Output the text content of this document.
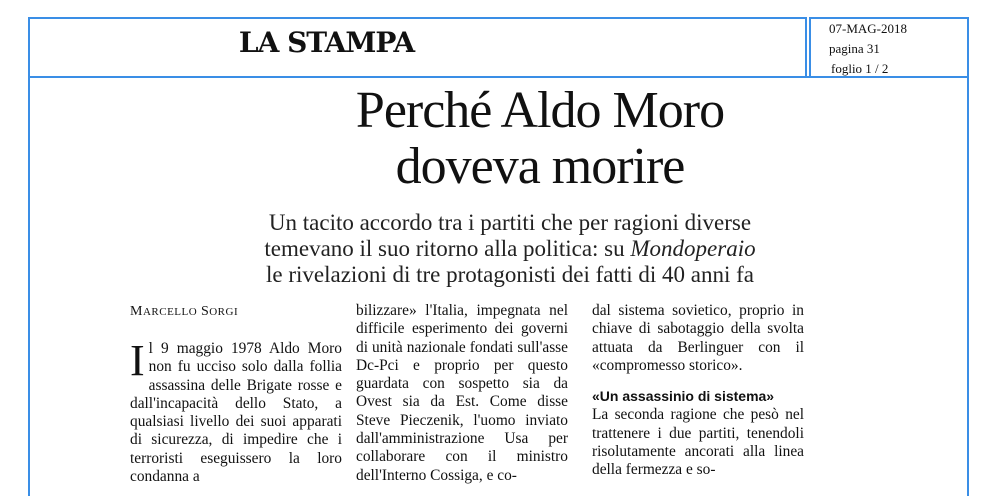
LA STAMPA	07-MAG-2018
pagina 31
foglio 1 / 2
Perché Aldo Moro
doveva morire
Un tacito accordo tra i partiti che per ragioni diverse
temevano il suo ritorno alla politica: su Mondoperaio
le rivelazioni di tre protagonisti dei fatti di 40 anni fa
MARCELLO SORGI

Il 9 maggio 1978 Aldo Moro non fu ucciso solo dalla follia assassina delle Brigate rosse e dall'incapacità dello Stato, a qualsiasi livello dei suoi apparati di sicurezza, di impedire che i terroristi eseguissero la loro condanna a

bilizzare» l'Italia, impegnata nel difficile esperimento dei governi di unità nazionale fondati sull'asse Dc-Pci e proprio per questo guardata con sospetto sia da Ovest sia da Est. Come disse Steve Pieczenik, l'uomo inviato dall'amministrazione Usa per collaborare con il ministro dell'Interno Cossiga, e co-

dal sistema sovietico, proprio in chiave di sabotaggio della svolta attuata da Berlinguer con il «compromesso storico».

«Un assassinio di sistema»

La seconda ragione che pesò nel trattenere i due partiti, tenendoli risolutamente ancorati alla linea della fermezza e so-
